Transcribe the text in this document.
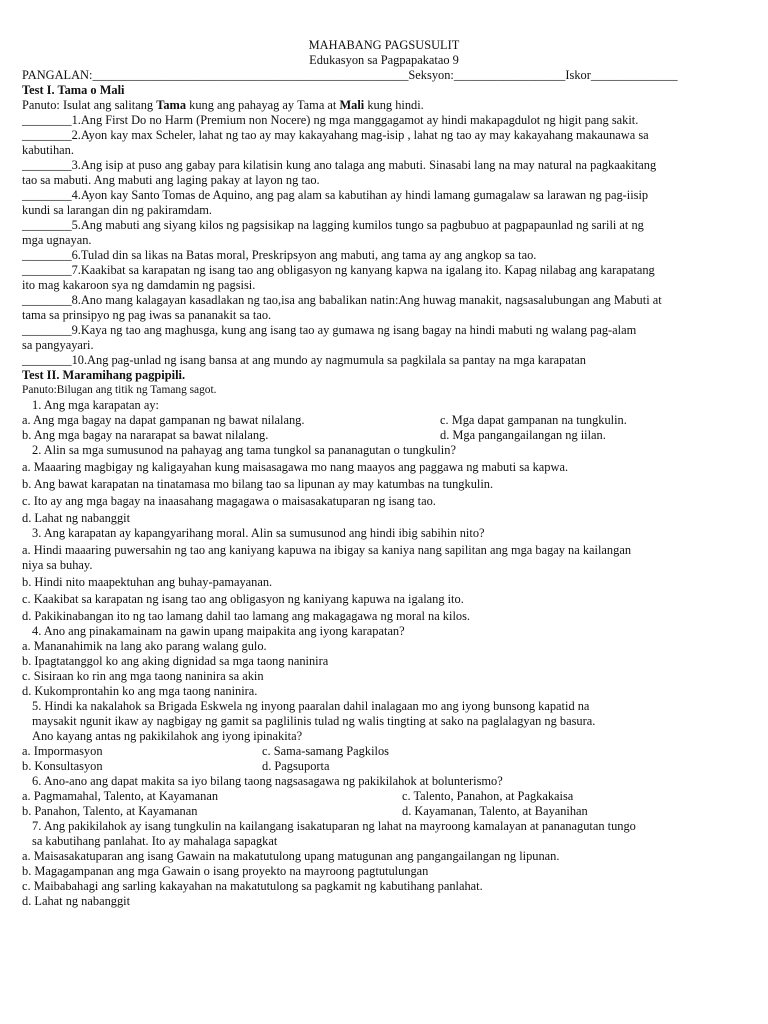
MAHABANG PAGSUSULIT
Edukasyon sa Pagpapakatao 9
PANGALAN:___________________________________________________Seksyon:__________________Iskor______________
Test I. Tama o Mali
Panuto: Isulat ang salitang Tama kung ang pahayag ay Tama at Mali kung hindi.
________1.Ang First Do no Harm (Premium non Nocere) ng mga manggagamot ay hindi makapagdulot ng higit pang sakit.
________2.Ayon kay max Scheler, lahat ng tao ay may kakayahang mag-isip , lahat ng tao ay may kakayahang makaunawa sa
kabutihan.
________3.Ang isip at puso ang gabay para kilatisin kung ano talaga ang mabuti. Sinasabi lang na may natural na pagkaakitang
tao sa mabuti. Ang mabuti ang laging pakay at layon ng tao.
________4.Ayon kay Santo Tomas de Aquino, ang pag alam sa kabutihan ay hindi lamang gumagalaw sa larawan ng pag-iisip
kundi sa larangan din ng pakiramdam.
________5.Ang mabuti ang siyang kilos ng pagsisikap na lagging kumilos tungo sa pagbubuo at pagpapaunlad ng sarili at ng
mga ugnayan.
________6.Tulad din sa likas na Batas moral, Preskripsyon ang mabuti, ang tama ay ang angkop sa tao.
________7.Kaakibat sa karapatan ng isang tao ang obligasyon ng kanyang kapwa na igalang ito. Kapag nilabag ang karapatang
ito mag kakaroon sya ng damdamin ng pagsisi.
________8.Ano mang kalagayan kasadlakan ng tao,isa ang babalikan natin:Ang huwag manakit, nagsasalubungan ang Mabuti at
tama sa prinsipyo ng pag iwas sa pananakit sa tao.
________9.Kaya ng tao ang maghusga, kung ang isang tao ay gumawa ng isang bagay na hindi mabuti ng walang pag-alam
sa pangyayari.
________10.Ang pag-unlad ng isang bansa at ang mundo ay nagmumula sa pagkilala sa pantay na mga karapatan
Test II. Maramihang pagpipili.
Panuto:Bilugan ang titik ng Tamang sagot.
1. Ang mga karapatan ay:
a. Ang mga bagay na dapat gampanan ng bawat nilalang.	c. Mga dapat gampanan na tungkulin.
b. Ang mga bagay na nararapat sa bawat nilalang.	d. Mga pangangailangan ng iilan.
2. Alin sa mga sumusunod na pahayag ang tama tungkol sa pananagutan o tungkulin?
a. Maaaring magbigay ng kaligayahan kung maisasagawa mo nang maayos ang paggawa ng mabuti sa kapwa.
b. Ang bawat karapatan na tinatamasa mo bilang tao sa lipunan ay may katumbas na tungkulin.
c. Ito ay ang mga bagay na inaasahang magagawa o maisasakatuparan ng isang tao.
d. Lahat ng nabanggit
3. Ang karapatan ay kapangyarihang moral. Alin sa sumusunod ang hindi ibig sabihin nito?
a. Hindi maaaring puwersahin ng tao ang kaniyang kapuwa na ibigay sa kaniya nang sapilitan ang mga bagay na kailangan
niya sa buhay.
b. Hindi nito maapektuhan ang buhay-pamayanan.
c. Kaakibat sa karapatan ng isang tao ang obligasyon ng kaniyang kapuwa na igalang ito.
d. Pakikinabangan ito ng tao lamang dahil tao lamang ang makagagawa ng moral na kilos.
4. Ano ang pinakamainam na gawin upang maipakita ang iyong karapatan?
a. Mananahimik na lang ako parang walang gulo.
b. Ipagtatanggol ko ang aking dignidad sa mga taong naninira
c. Sisiraan ko rin ang mga taong naninira sa akin
d. Kukomprontahin ko ang mga taong naninira.
5. Hindi ka nakalahok sa Brigada Eskwela ng inyong paaralan dahil inalagaan mo ang iyong bunsong kapatid na
maysakit ngunit ikaw ay nagbigay ng gamit sa paglilinis tulad ng walis tingting at sako na paglalagyan ng basura.
Ano kayang antas ng pakikilahok ang iyong ipinakita?
a. Impormasyon	c. Sama-samang Pagkilos
b. Konsultasyon	d. Pagsuporta
6. Ano-ano ang dapat makita sa iyo bilang taong nagsasagawa ng pakikilahok at bolunterismo?
a. Pagmamahal, Talento, at Kayamanan	c. Talento, Panahon, at Pagkakaisa
b. Panahon, Talento, at Kayamanan	d. Kayamanan, Talento, at Bayanihan
7. Ang pakikilahok ay isang tungkulin na kailangang isakatuparan ng lahat na mayroong kamalayan at pananagutan tungo
sa kabutihang panlahat. Ito ay mahalaga sapagkat
a. Maisasakatuparan ang isang Gawain na makatutulong upang matugunan ang pangangailangan ng lipunan.
b. Magagampanan ang mga Gawain o isang proyekto na mayroong pagtutulungan
c. Maibabahagi ang sarling kakayahan na makatutulong sa pagkamit ng kabutihang panlahat.
d. Lahat ng nabanggit
